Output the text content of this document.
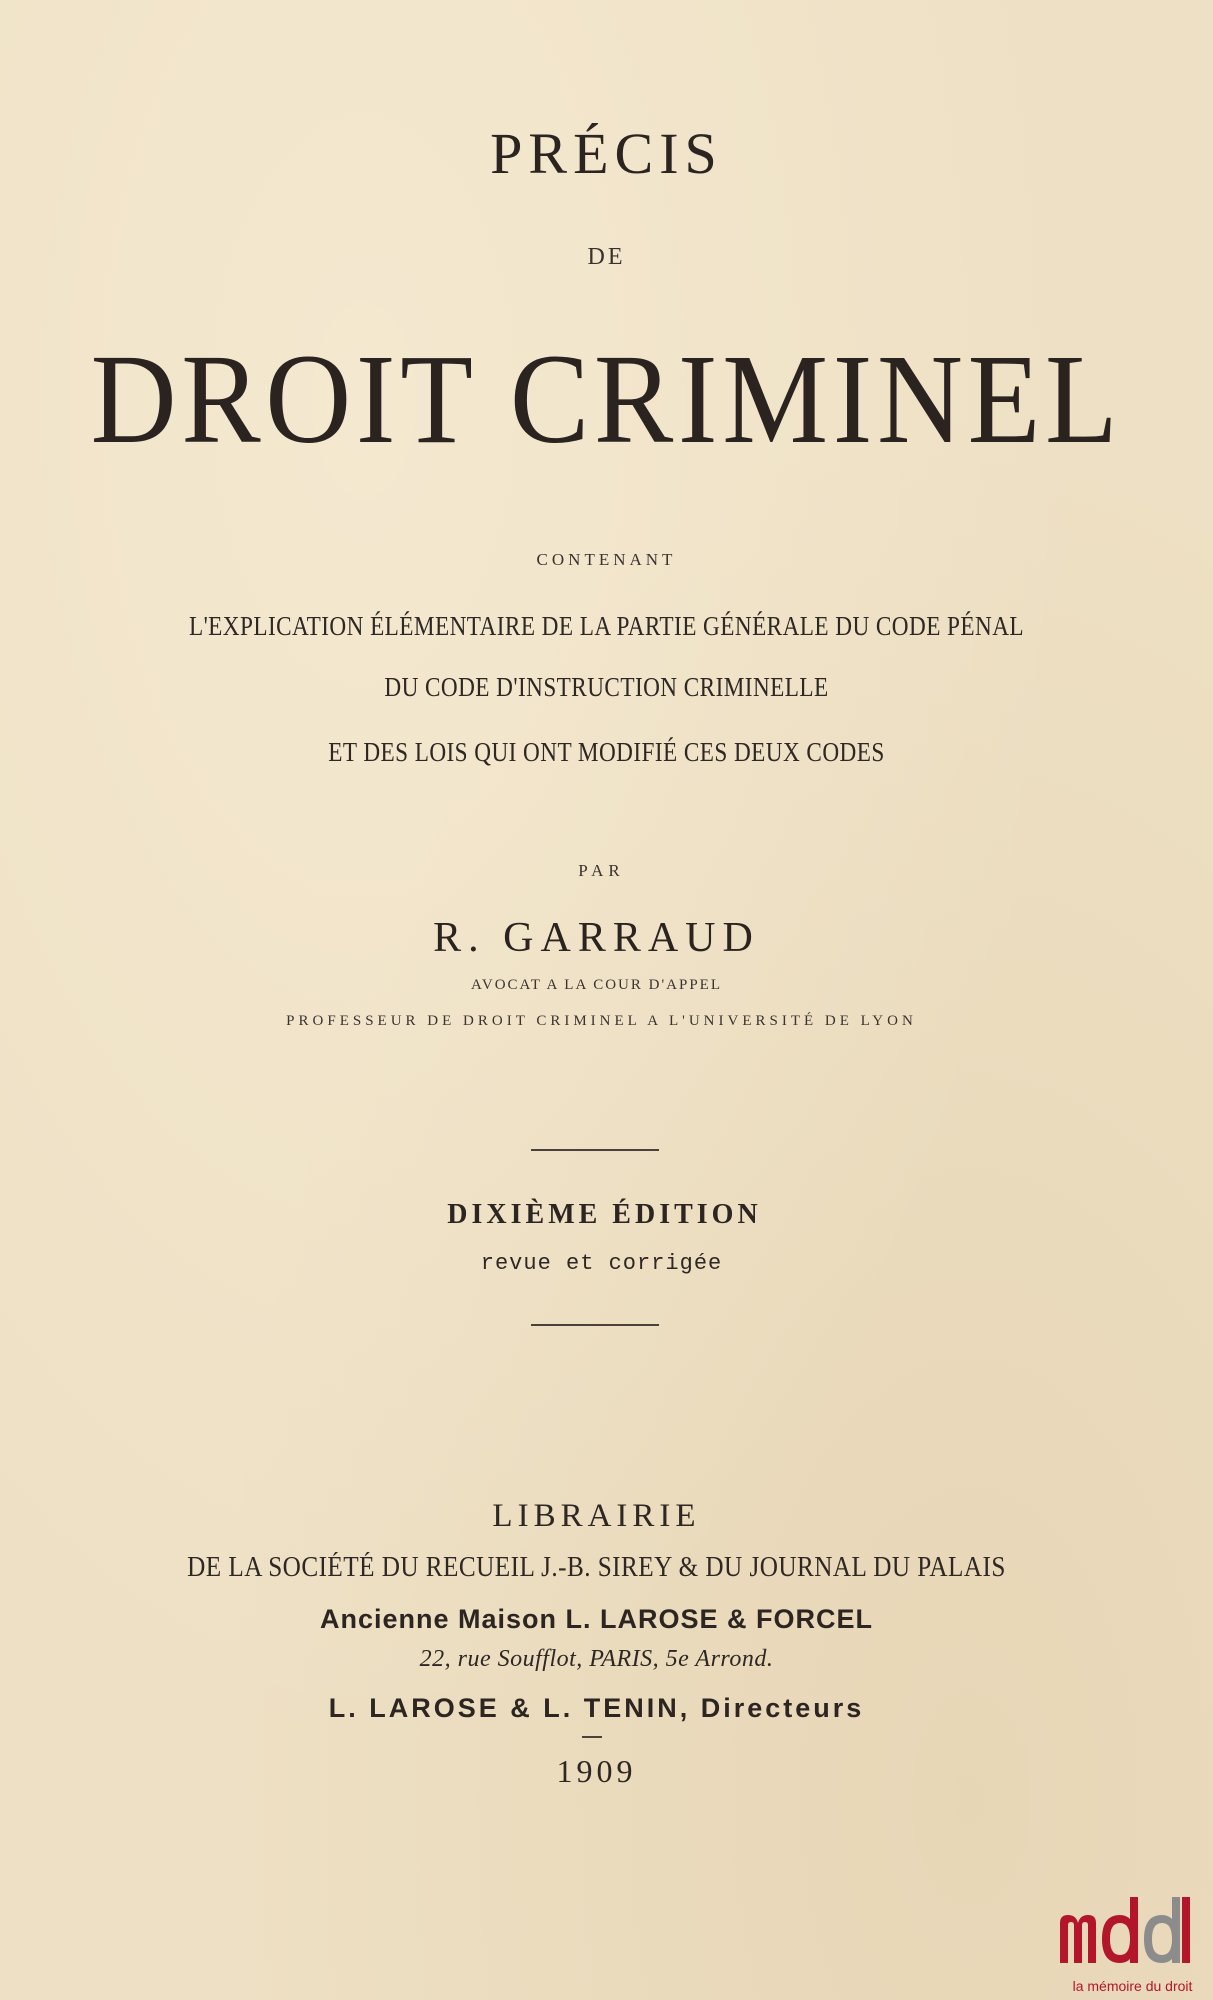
PRÉCIS

DE

DROIT CRIMINEL

CONTENANT

L'EXPLICATION ÉLÉMENTAIRE DE LA PARTIE GÉNÉRALE DU CODE PÉNAL

DU CODE D'INSTRUCTION CRIMINELLE

ET DES LOIS QUI ONT MODIFIÉ CES DEUX CODES

PAR

R. GARRAUD

AVOCAT A LA COUR D'APPEL

PROFESSEUR DE DROIT CRIMINEL A L'UNIVERSITÉ DE LYON

DIXIÈME ÉDITION

revue et corrigée

LIBRAIRIE

DE LA SOCIÉTÉ DU RECUEIL J.-B. SIREY & DU JOURNAL DU PALAIS

Ancienne Maison L. LAROSE & FORCEL

22, rue Soufflot, PARIS, 5e Arrond.

L. LAROSE & L. TENIN, Directeurs

1909

la mémoire du droit
